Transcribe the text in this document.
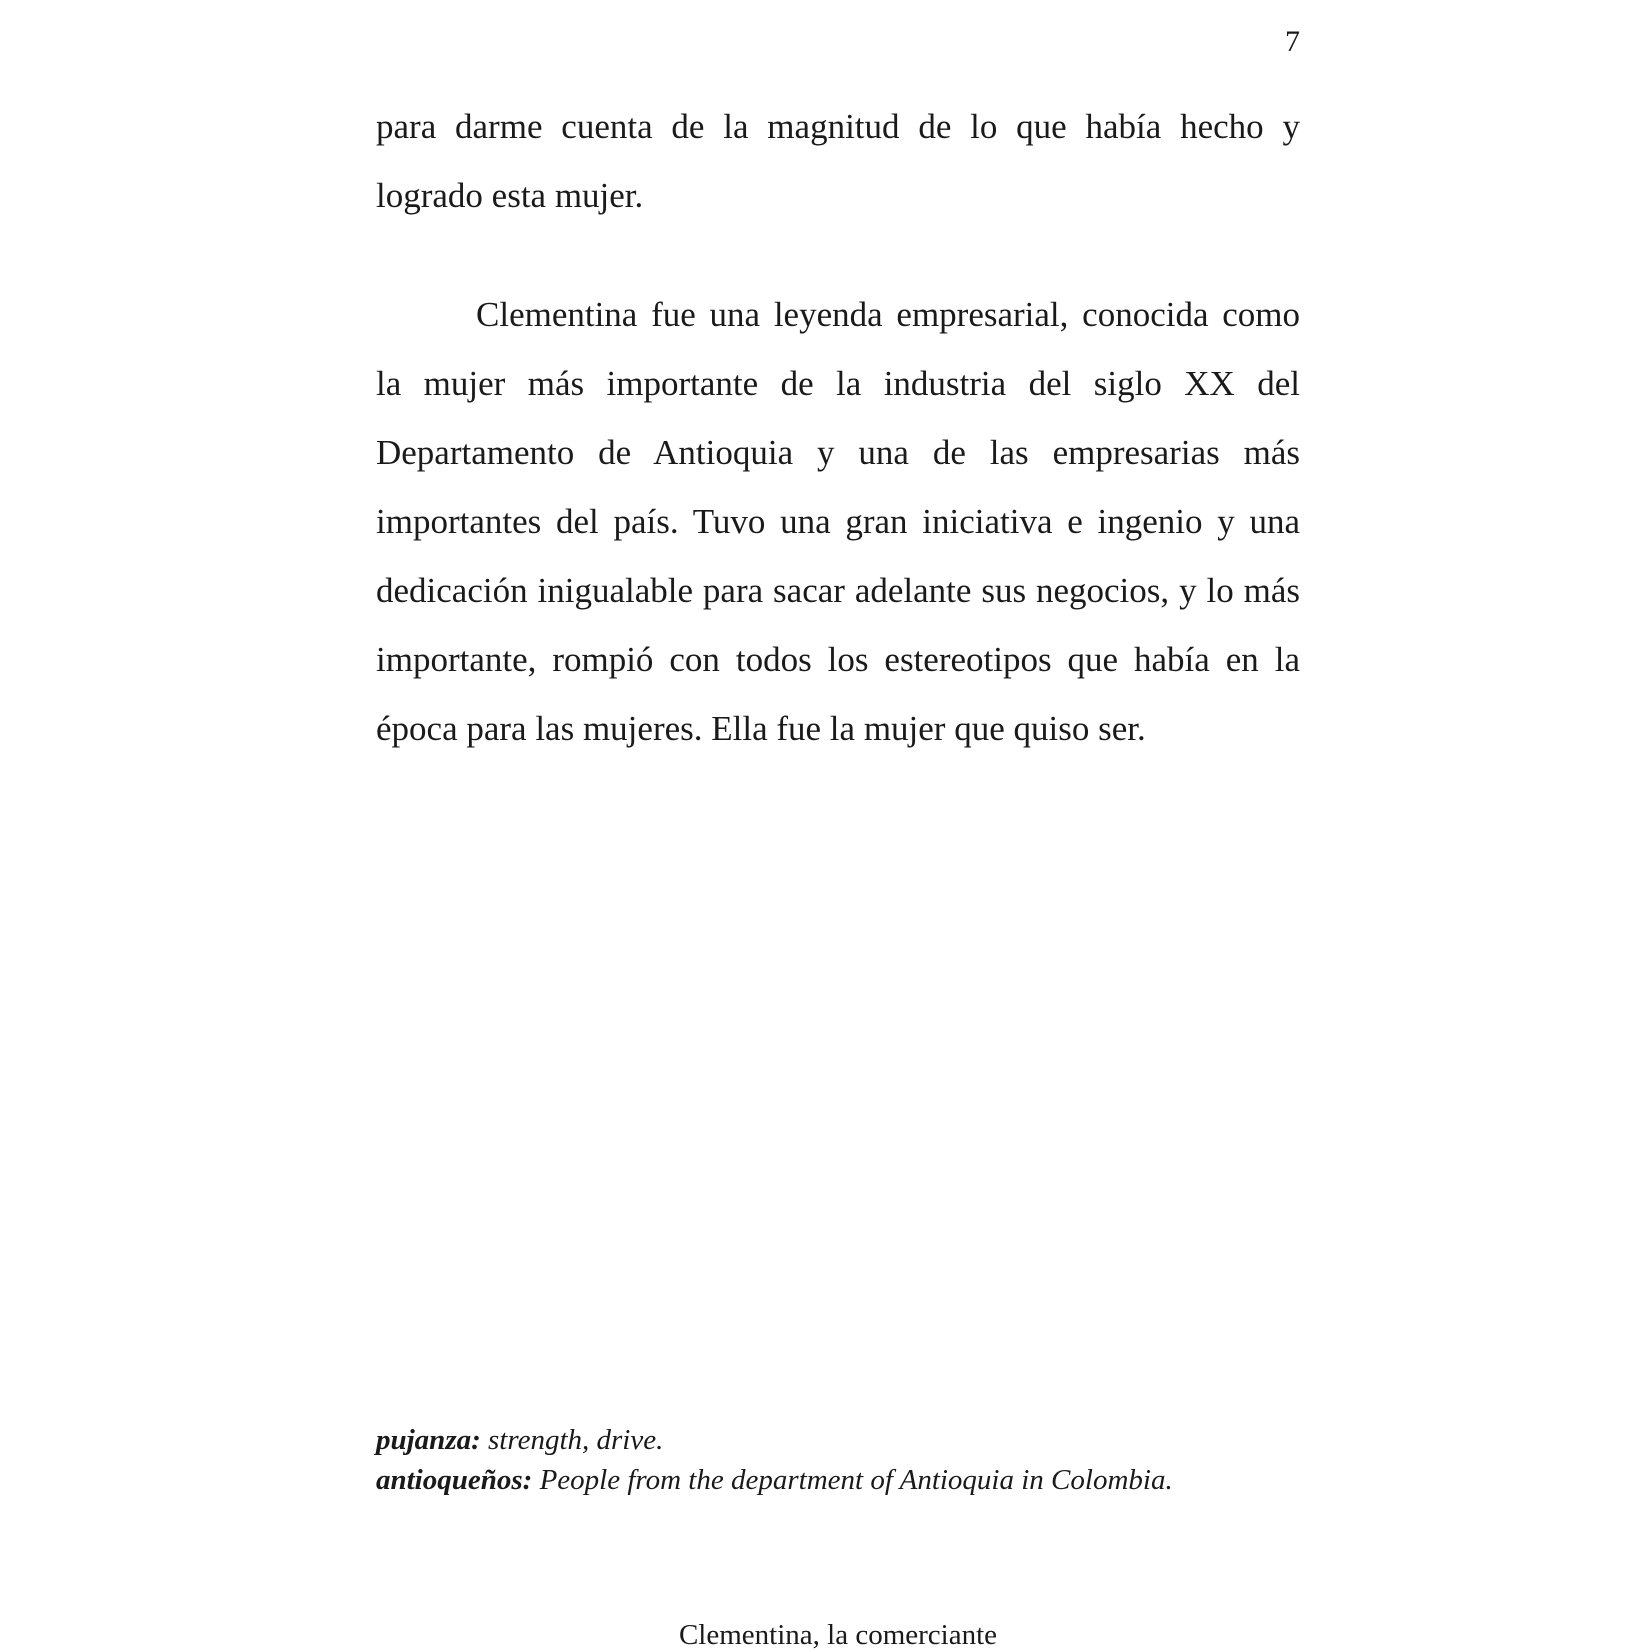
7

para darme cuenta de la magnitud de lo que había hecho y logrado esta mujer.

Clementina fue una leyenda empresarial, conocida como la mujer más importante de la industria del siglo XX del Departamento de Antioquia y una de las empresarias más importantes del país. Tuvo una gran iniciativa e ingenio y una dedicación inigualable para sacar adelante sus negocios, y lo más importante, rompió con todos los estereotipos que había en la época para las mujeres. Ella fue la mujer que quiso ser.

pujanza: strength, drive.
antioqueños: People from the department of Antioquia in Colombia.
Clementina, la comerciante
